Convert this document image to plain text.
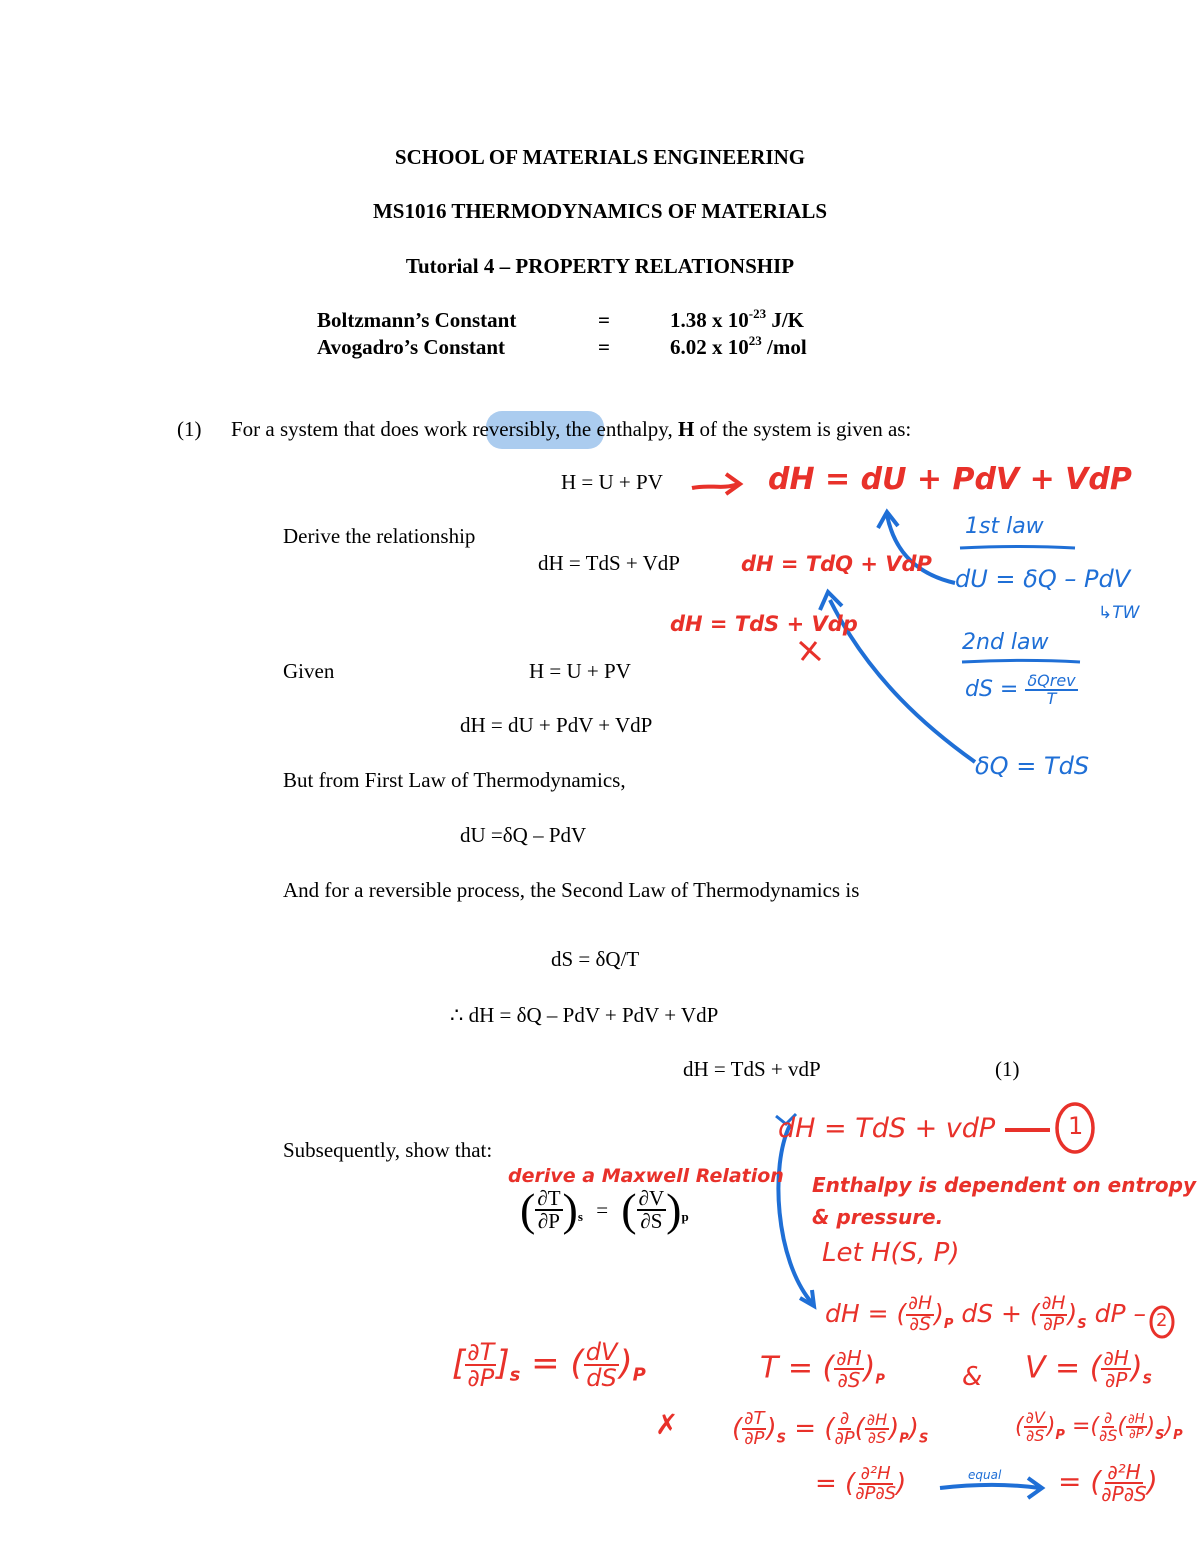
SCHOOL OF MATERIALS ENGINEERING
MS1016 THERMODYNAMICS OF MATERIALS
Tutorial 4 – PROPERTY RELATIONSHIP
Boltzmann’s Constant	=	1.38 x $10^{-23}$ J/K
Avogadro’s Constant	=	6.02 x $10^{23}$ /mol
(1) For a system that does work reversibly, the enthalpy, H of the system is given as:
H = U + PV
Derive the relationship
dH = TdS + VdP
Given	H = U + PV
dH = dU + PdV + VdP
But from First Law of Thermodynamics,
dU =δQ – PdV
And for a reversible process, the Second Law of Thermodynamics is
dS = δQ/T
∴ dH = δQ – PdV + PdV + VdP
dH = TdS + vdP	(1)
Subsequently, show that:
( $\frac{\partial T}{\partial P} )_s$ = ( $\frac{\partial V}{\partial S} )_p$
dH = dU + PdV + VdP
dH = TdQ + VdP
dH = TdS + Vdp
1st law
dU = δQ – PdV
↳TW
2nd law
dS = $\frac{\text{δQrev}}{T}$
δQ = TdS
dH = TdS + vdP	1
derive a Maxwell Relation Enthalpy is dependent on entropy
& pressure.
Let H(S, P)
dH = ( $\frac{\partial H}{\partial S} )_P$ dS + ( $\frac{\partial H}{\partial P} )_S$ dP – 2
[ $\frac{\partial T}{\partial P} ]_s$ = ( $\frac{dV}{dS} )_P$
✗
T = ( $\frac{\partial H}{\partial S} )_P$	& V = ( $\frac{\partial H}{\partial P} )_S$
( $\frac{\partial T}{\partial P} )_S$ = ( $\frac{\partial}{\partial P}$ ( $\frac{\partial H}{\partial S} )_P)_S$	( $\frac{\partial V}{\partial S} )_P$ =( $\frac{\partial}{\partial S}$ ( $\frac{\partial H}{\partial P} )_S)_P$
= ( $\frac{\text{∂²H}}{\partial P\partial S}$ )	equal = ( $\frac{\text{∂²H}}{\partial P\partial S}$ )
